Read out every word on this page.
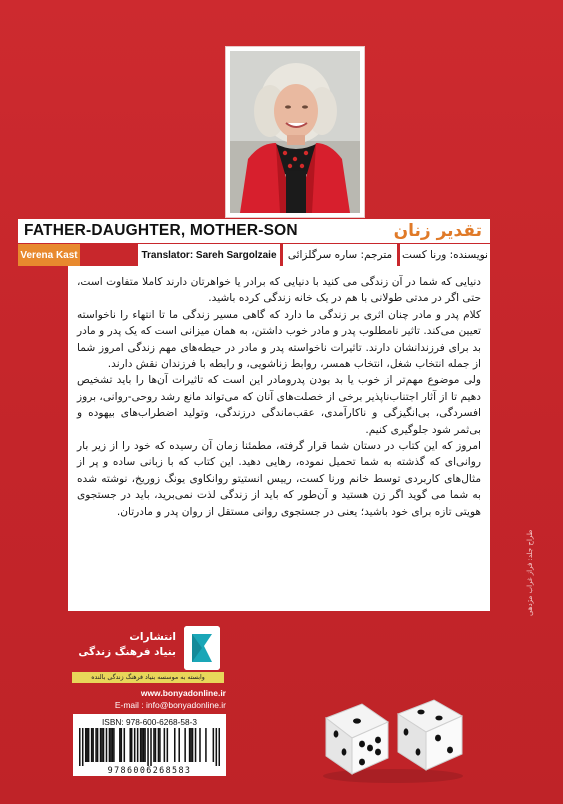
FATHER-DAUGHTER, MOTHER-SON	تقدیر زنان
نویسنده: ورنا کست
مترجم: ساره سرگلزائی
Translator: Sareh Sargolzaie
Verena Kast

دنیایی که شما در آن زندگی می کنید با دنیایی که برادر یا خواهرتان دارند کاملا متفاوت است، حتی اگر در مدتی طولانی با هم در یک خانه زندگی کرده باشید.

کلام پدر و مادر چنان اثری بر زندگی ما دارد که گاهی مسیر زندگی ما تا انتهاء را ناخواسته تعیین می‌کند. تاثیر نامطلوب پدر و مادر خوب داشتن، به همان میزانی است که یک پدر و مادر بد برای فرزندانشان دارند. تاثیرات ناخواسته پدر و مادر در حیطه‌های مهم زندگی امروز شما از جمله انتخاب شغل، انتخاب همسر، روابط زناشویی، و رابطه با فرزندان نقش دارند.

ولی موضوع مهم‌تر از خوب یا بد بودن پدرومادر این است که تاثیرات آن‌ها را باید تشخیص دهیم تا از آثار اجتناب‌ناپذیر برخی از خصلت‌های آنان که می‌تواند مانع رشد روحی-روانی، بروز افسردگی، بی‌انگیزگی و ناکارآمدی، عقب‌ماندگی درزندگی، وتولید اضطراب‌های بیهوده و بی‌ثمر شود جلوگیری کنیم.

امروز که این کتاب در دستان شما قرار گرفته، مطمئنا زمان آن رسیده که خود را از زیر بار روانی‌ای که گذشته به شما تحمیل نموده، رهایی دهید. این کتاب که با زبانی ساده و پر از مثال‌های کاربردی توسط خانم ورنا کست، رییس انستیتو روانکاوی یونگ زوریخ، نوشته شده به شما می گوید اگر زن هستید و آن‌طور که باید از زندگی لذت نمی‌برید، باید در جستجوی هویتی تازه برای خود باشید؛ یعنی در جستجوی روانی مستقل از روان پدر و مادرتان.

طراح جلد: فراز غراب مژدهی
انتشارات
بنیاد فرهنگ زندگی
وابسته به موسسه بنیاد فرهنگ زندگی بالنده
www.bonyadonline.ir
E-mail : info@bonyadonline.ir
ISBN: 978-600-6268-58-3
9786006268583
